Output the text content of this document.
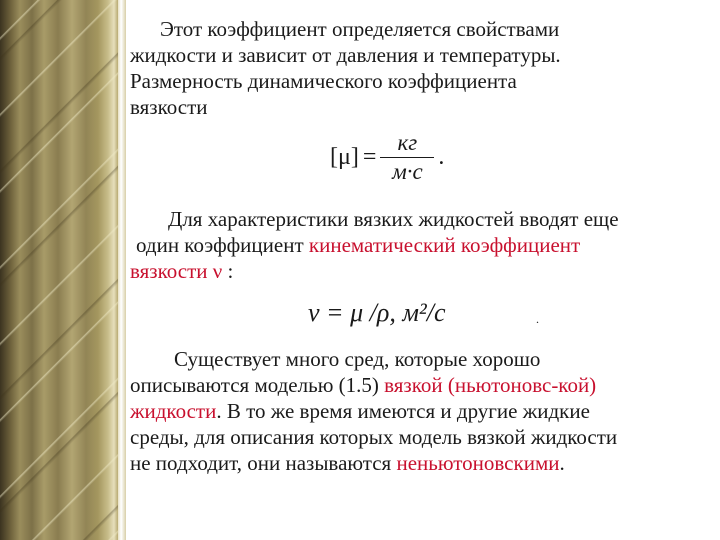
Этот коэффициент определяется свойствами

жидкости и зависит от давления и температуры.

Размерность динамического коэффициента

вязкости

$[\mu] = \frac{кг}{м\cdot с}$ .

Для характеристики вязких жидкостей вводят еще

один коэффициент кинематический коэффициент

вязкости ν :

ν = μ /ρ, м²/с	.

Существует много сред, которые хорошо

описываются моделью (1.5) вязкой (ньютоновс-кой)

жидкости. В то же время имеются и другие жидкие

среды, для описания которых модель вязкой жидкости

не подходит, они называются неньютоновскими.
